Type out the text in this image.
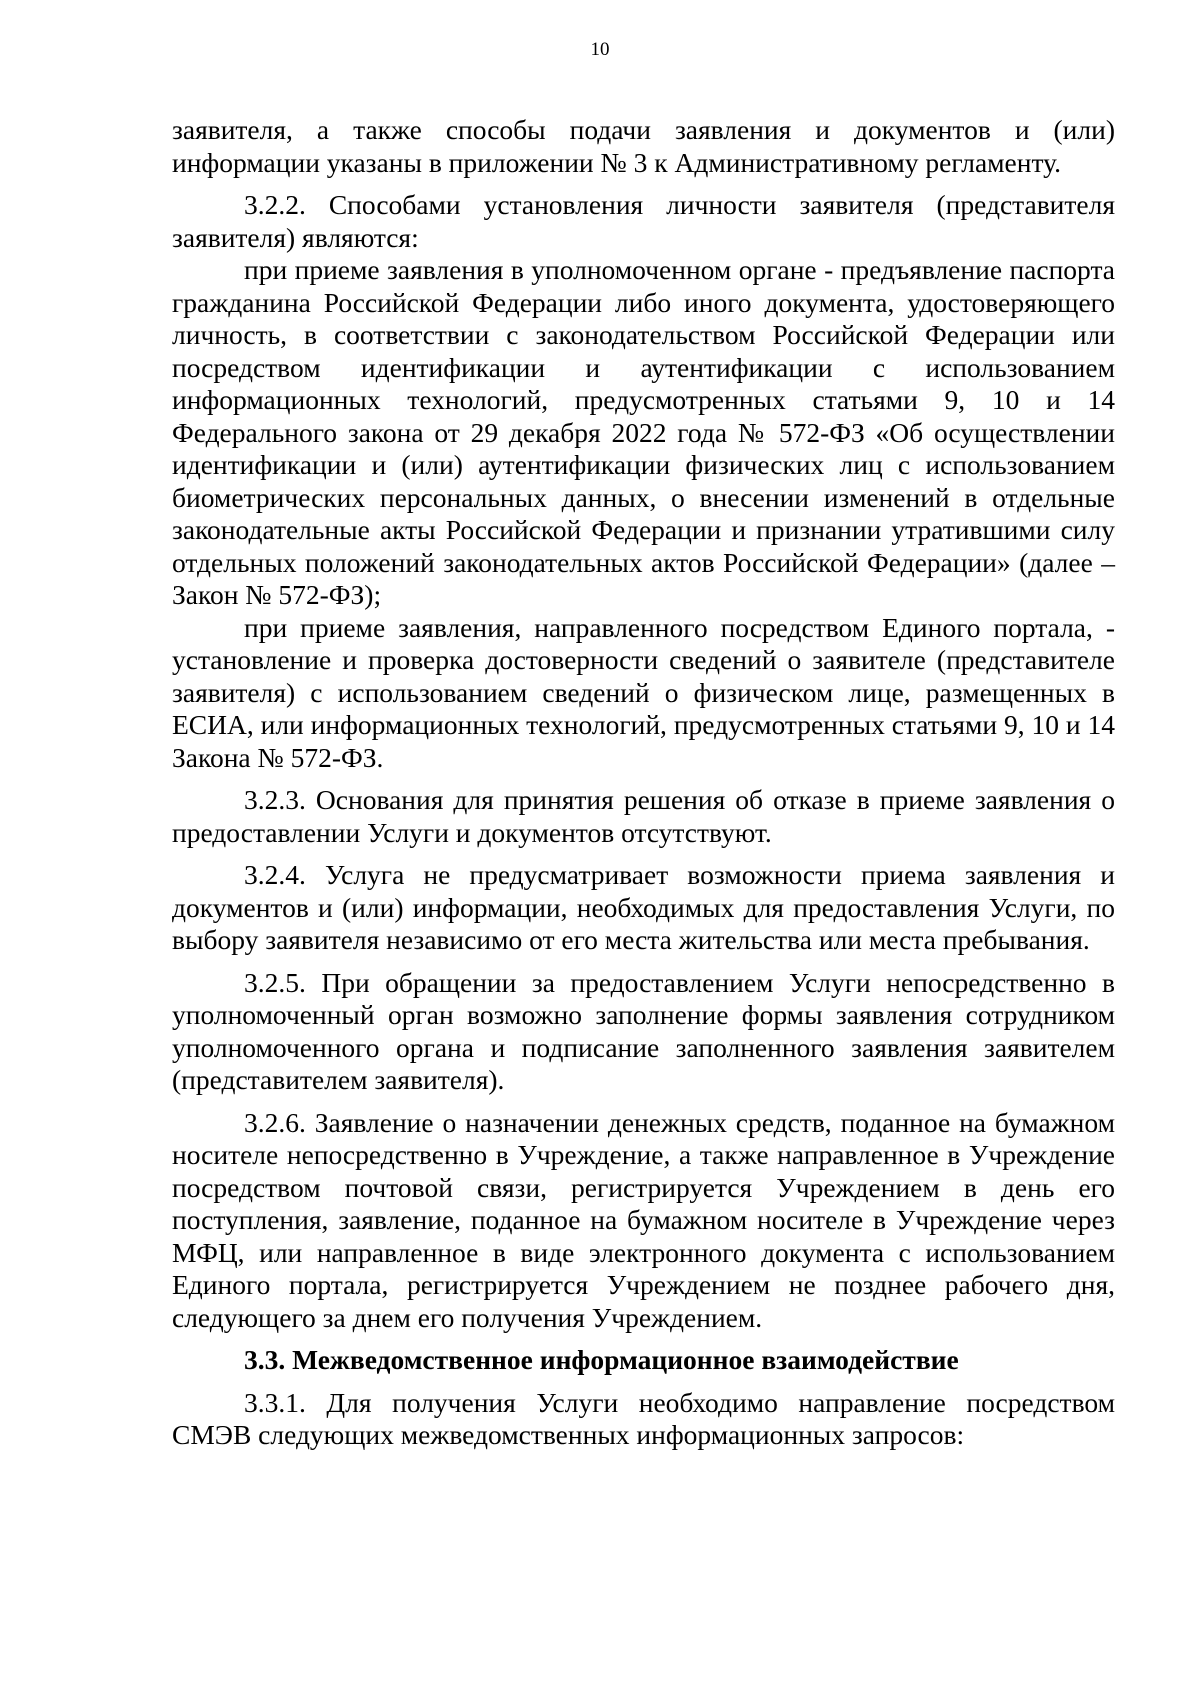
10

заявителя, а также способы подачи заявления и документов и (или) информации указаны в приложении № 3 к Административному регламенту.

3.2.2. Способами установления личности заявителя (представителя заявителя) являются:

при приеме заявления в уполномоченном органе - предъявление паспорта гражданина Российской Федерации либо иного документа, удостоверяющего личность, в соответствии с законодательством Российской Федерации или посредством идентификации и аутентификации с использованием информационных технологий, предусмотренных статьями 9, 10 и 14 Федерального закона от 29 декабря 2022 года № 572-ФЗ «Об осуществлении идентификации и (или) аутентификации физических лиц с использованием биометрических персональных данных, о внесении изменений в отдельные законодательные акты Российской Федерации и признании утратившими силу отдельных положений законодательных актов Российской Федерации» (далее – Закон № 572-ФЗ);

при приеме заявления, направленного посредством Единого портала, - установление и проверка достоверности сведений о заявителе (представителе заявителя) с использованием сведений о физическом лице, размещенных в ЕСИА, или информационных технологий, предусмотренных статьями 9, 10 и 14 Закона № 572-ФЗ.

3.2.3. Основания для принятия решения об отказе в приеме заявления о предоставлении Услуги и документов отсутствуют.

3.2.4. Услуга не предусматривает возможности приема заявления и документов и (или) информации, необходимых для предоставления Услуги, по выбору заявителя независимо от его места жительства или места пребывания.

3.2.5. При обращении за предоставлением Услуги непосредственно в уполномоченный орган возможно заполнение формы заявления сотрудником уполномоченного органа и подписание заполненного заявления заявителем (представителем заявителя).

3.2.6. Заявление о назначении денежных средств, поданное на бумажном носителе непосредственно в Учреждение, а также направленное в Учреждение посредством почтовой связи, регистрируется Учреждением в день его поступления, заявление, поданное на бумажном носителе в Учреждение через МФЦ, или направленное в виде электронного документа с использованием Единого портала, регистрируется Учреждением не позднее рабочего дня, следующего за днем его получения Учреждением.

3.3. Межведомственное информационное взаимодействие

3.3.1. Для получения Услуги необходимо направление посредством СМЭВ следующих межведомственных информационных запросов:
